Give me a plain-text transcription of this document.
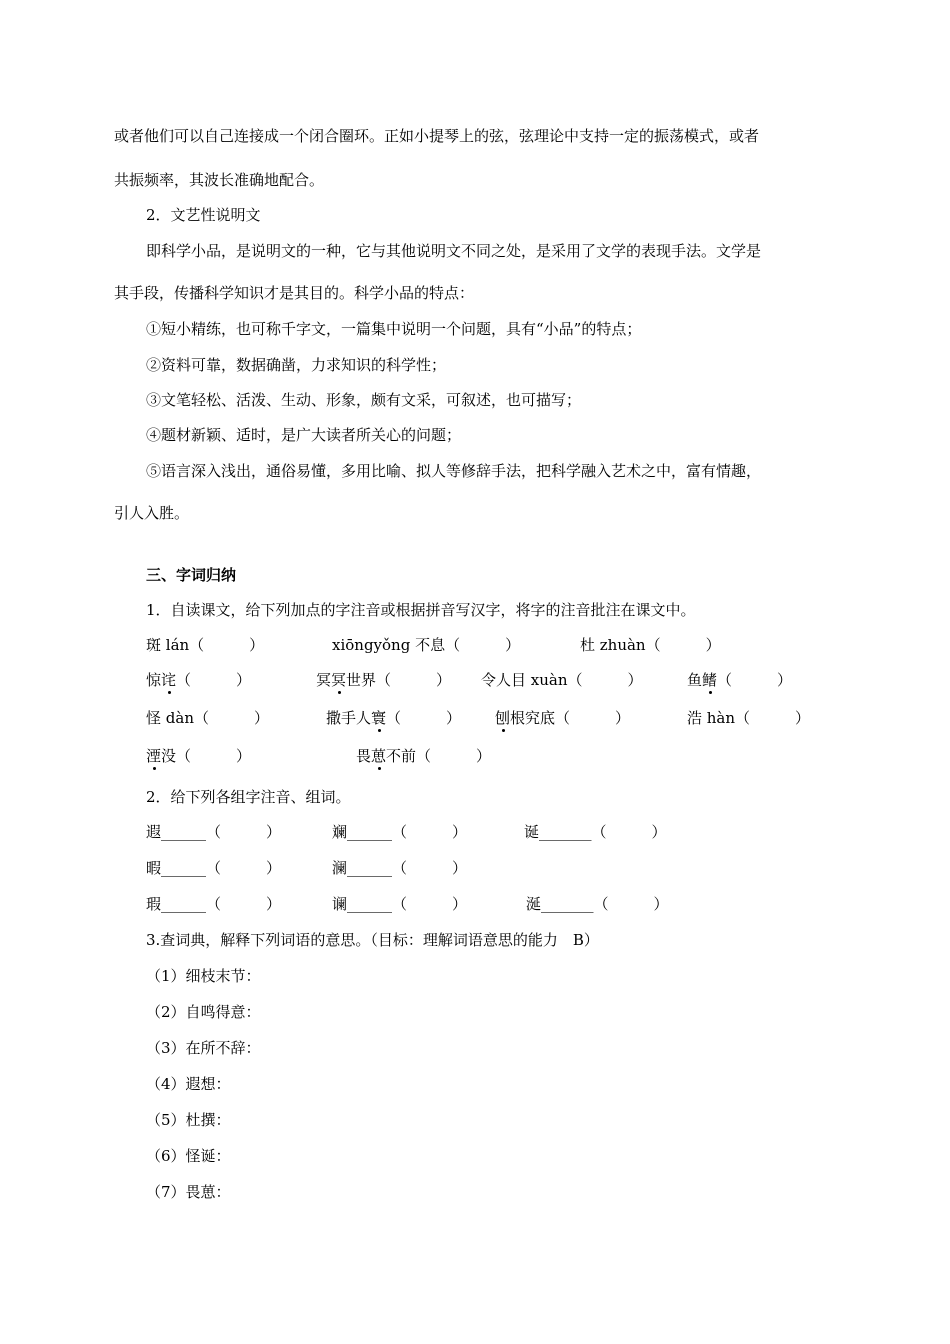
或者他们可以自己连接成一个闭合圈环。正如小提琴上的弦，弦理论中支持一定的振荡模式，或者
共振频率，其波长准确地配合。
2．文艺性说明文
即科学小品，是说明文的一种，它与其他说明文不同之处，是采用了文学的表现手法。文学是
其手段，传播科学知识才是其目的。科学小品的特点：
①短小精练，也可称千字文，一篇集中说明一个问题，具有“小品”的特点；
②资料可靠，数据确凿，力求知识的科学性；
③文笔轻松、活泼、生动、形象，颇有文采，可叙述，也可描写；
④题材新颖、适时，是广大读者所关心的问题；
⑤语言深入浅出，通俗易懂，多用比喻、拟人等修辞手法，把科学融入艺术之中，富有情趣，
引人入胜。
三、字词归纳
1．自读课文，给下列加点的字注音或根据拼音写汉字，将字的注音批注在课文中。
斑 lán（　　　）	xiōngyǒng 不息（　　　）	杜 zhuàn（　　　）
惊诧（　　　）	冥冥世界（　　　） 令人目 xuàn（　　　）	鱼鳍（　　　）
怪 dàn（　　　）	撒手人寰（　　　） 刨根究底（　　　）	浩 hàn（　　　）
湮没（　　　）	畏葸不前（　　　）
2．给下列各组字注音、组词。
遐______（　　　）	斓______（　　　）	诞_______（　　　）
暇______（　　　）	澜______（　　　）
瑕______（　　　）	谰______（　　　）	涎_______（　　　）
3.查词典，解释下列词语的意思。（目标：理解词语意思的能力　B）
（1）细枝末节：
（2）自鸣得意：
（3）在所不辞：
（4）遐想：
（5）杜撰：
（6）怪诞：
（7）畏葸：
